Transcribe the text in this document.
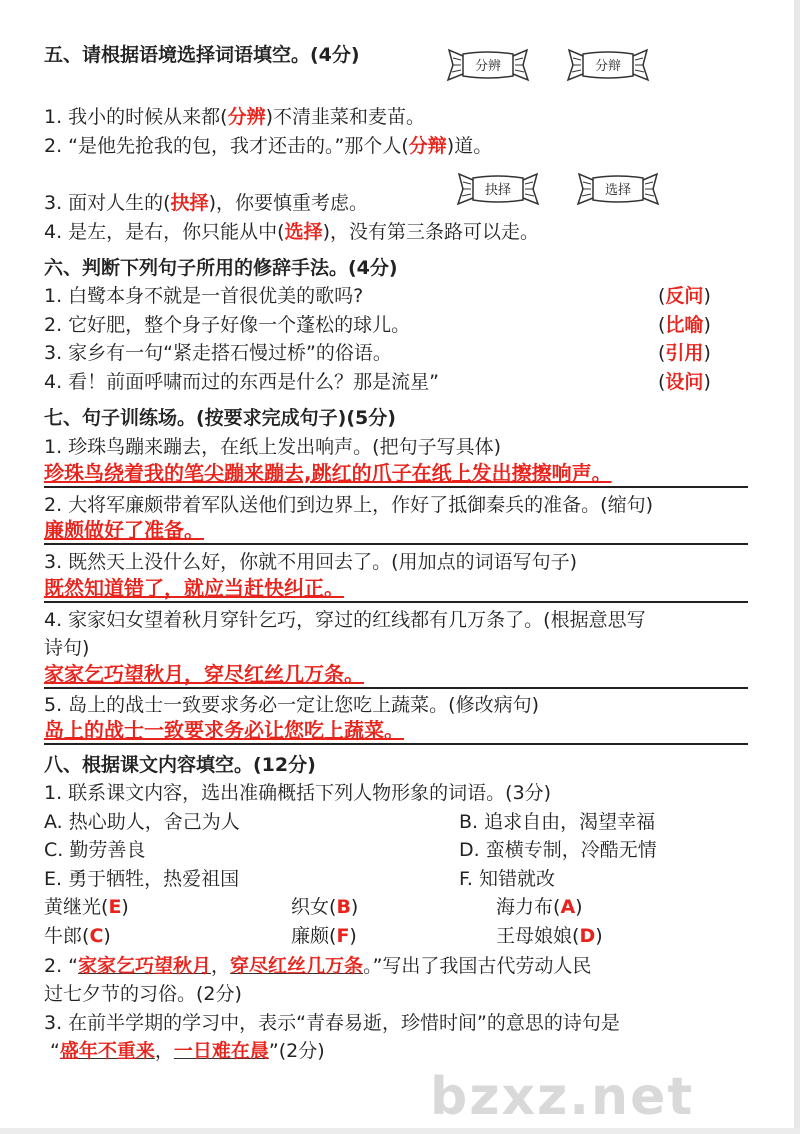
bzxz.net
五、请根据语境选择词语填空。(4分)
分辨	分辩
1. 我小的时候从来都(分辨)不清韭菜和麦苗。
2. “是他先抢我的包，我才还击的。”那个人(分辩)道。
抉择	选择
3. 面对人生的(抉择)，你要慎重考虑。
4. 是左，是右，你只能从中(选择)，没有第三条路可以走。
六、判断下列句子所用的修辞手法。(4分)
1. 白鹭本身不就是一首很优美的歌吗?	(反问)
2. 它好肥，整个身子好像一个蓬松的球儿。	(比喻)
3. 家乡有一句“紧走搭石慢过桥”的俗语。	(引用)
4. 看！前面呼啸而过的东西是什么？那是流星”	(设问)
七、句子训练场。(按要求完成句子)(5分)
1. 珍珠鸟蹦来蹦去，在纸上发出响声。(把句子写具体)
珍珠鸟绕着我的笔尖蹦来蹦去,跳红的爪子在纸上发出擦擦响声。
2. 大将军廉颇带着军队送他们到边界上，作好了抵御秦兵的准备。(缩句)
廉颇做好了准备。
3. 既然天上没什么好，你就不用回去了。(用加点的词语写句子)
既然知道错了，就应当赶快纠正。
4. 家家妇女望着秋月穿针乞巧，穿过的红线都有几万条了。(根据意思写
诗句)
家家乞巧望秋月，穿尽红丝几万条。
5. 岛上的战士一致要求务必一定让您吃上蔬菜。(修改病句)
岛上的战士一致要求务必让您吃上蔬菜。
八、根据课文内容填空。(12分)
1. 联系课文内容，选出准确概括下列人物形象的词语。(3分)
A. 热心助人，舍己为人	B. 追求自由，渴望幸福
C. 勤劳善良	D. 蛮横专制，冷酷无情
E. 勇于牺牲，热爱祖国	F. 知错就改
黄继光(E)	织女(B)	海力布(A)
牛郎(C)	廉颇(F)	王母娘娘(D)
2. “家家乞巧望秋月，穿尽红丝几万条。”写出了我国古代劳动人民
过七夕节的习俗。(2分)
3. 在前半学期的学习中，表示“青春易逝，珍惜时间”的意思的诗句是
“盛年不重来，一日难在晨”(2分)
